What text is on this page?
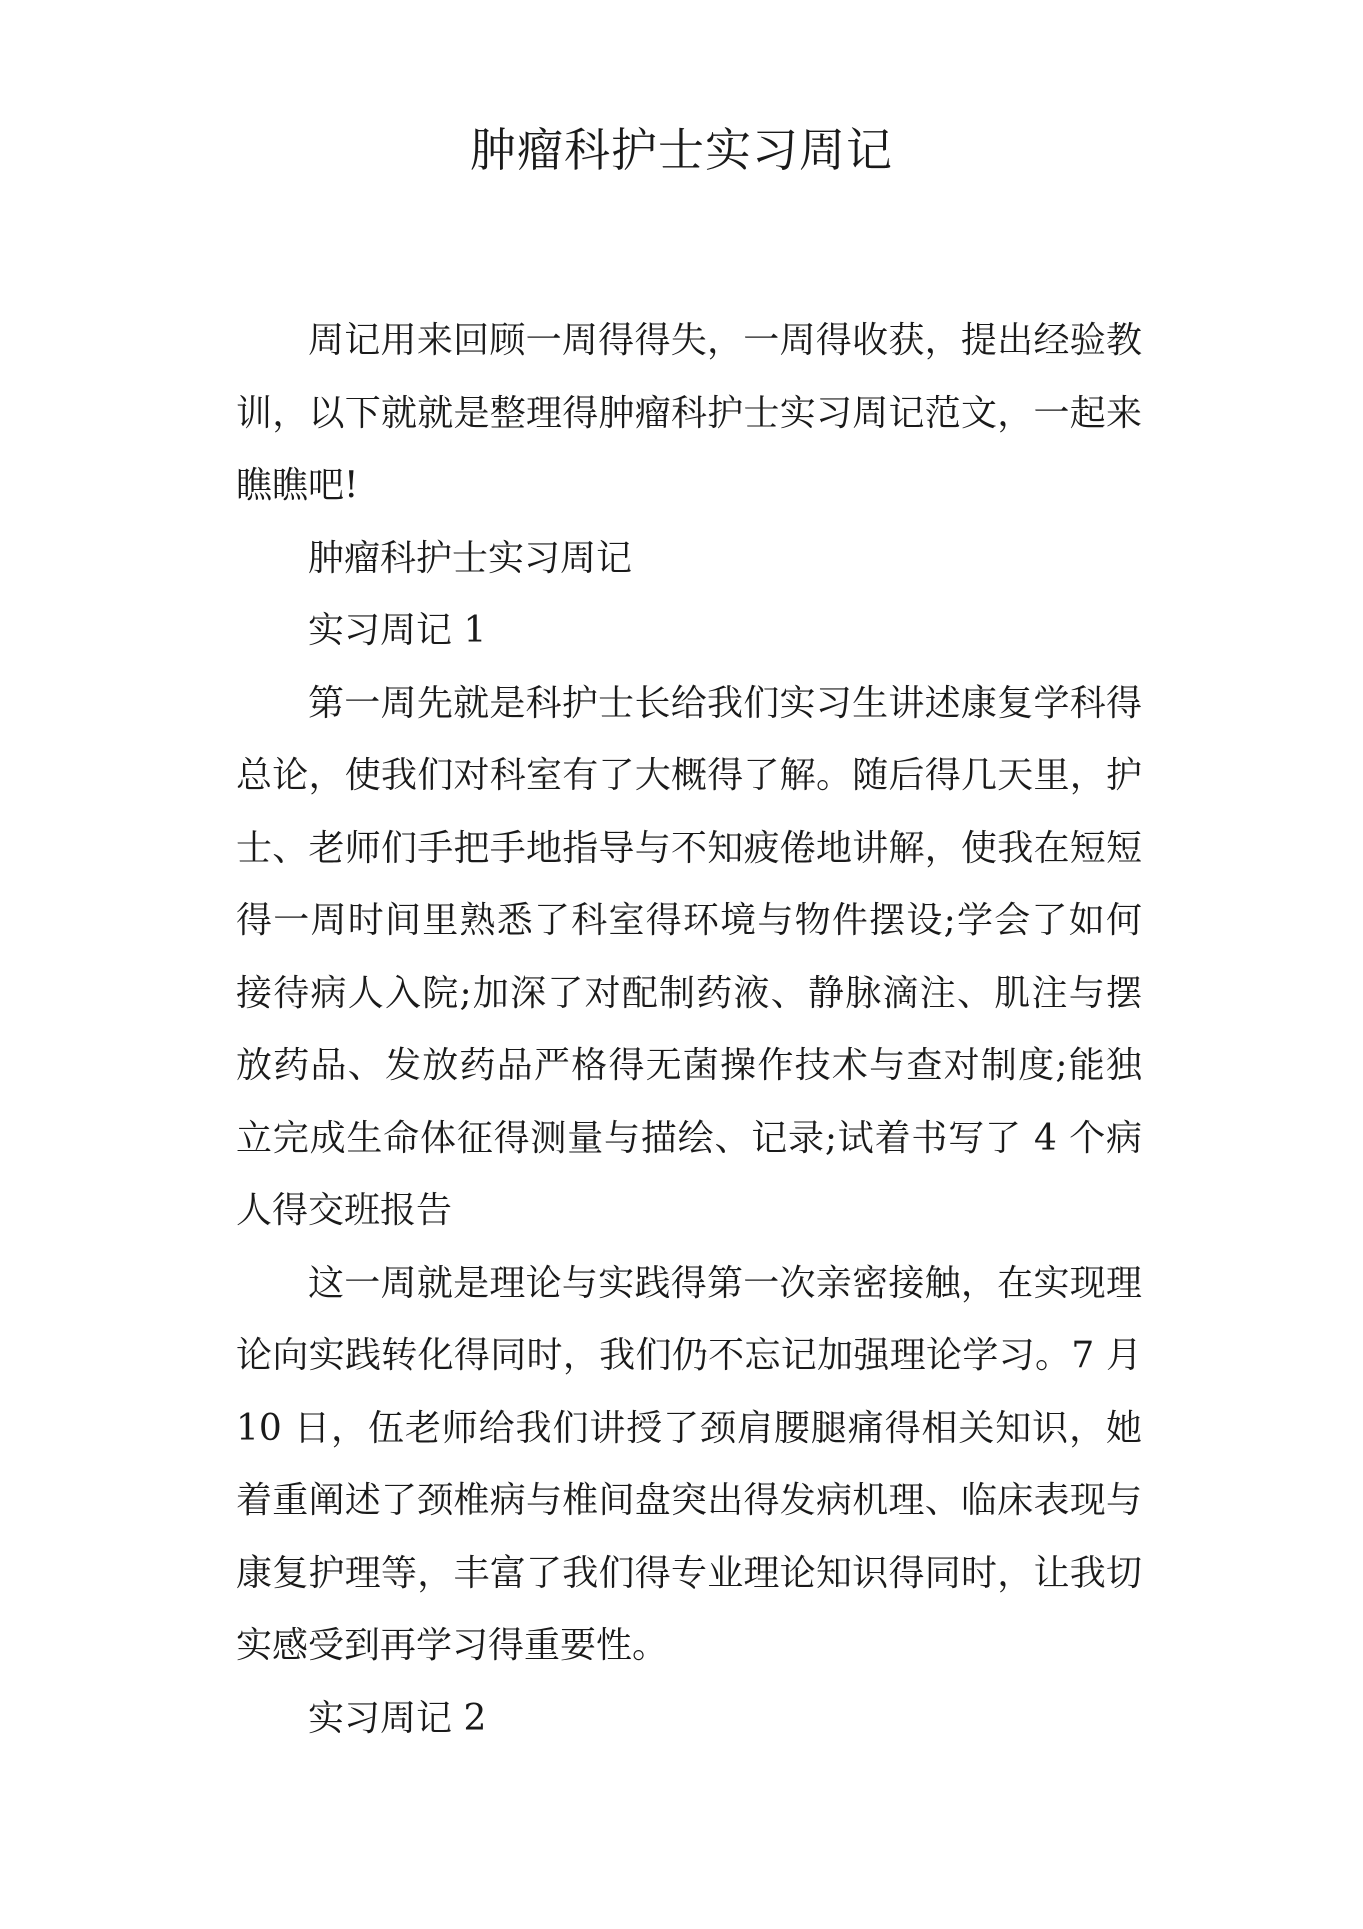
肿瘤科护士实习周记

周记用来回顾一周得得失，一周得收获，提出经验教训，以下就就是整理得肿瘤科护士实习周记范文，一起来瞧瞧吧!

肿瘤科护士实习周记

实习周记 1

第一周先就是科护士长给我们实习生讲述康复学科得总论，使我们对科室有了大概得了解。随后得几天里，护士、老师们手把手地指导与不知疲倦地讲解，使我在短短得一周时间里熟悉了科室得环境与物件摆设;学会了如何接待病人入院;加深了对配制药液、静脉滴注、肌注与摆放药品、发放药品严格得无菌操作技术与查对制度;能独立完成生命体征得测量与描绘、记录;试着书写了 4 个病人得交班报告

这一周就是理论与实践得第一次亲密接触，在实现理论向实践转化得同时，我们仍不忘记加强理论学习。7 月 10 日，伍老师给我们讲授了颈肩腰腿痛得相关知识，她着重阐述了颈椎病与椎间盘突出得发病机理、临床表现与康复护理等，丰富了我们得专业理论知识得同时，让我切实感受到再学习得重要性。

实习周记 2
